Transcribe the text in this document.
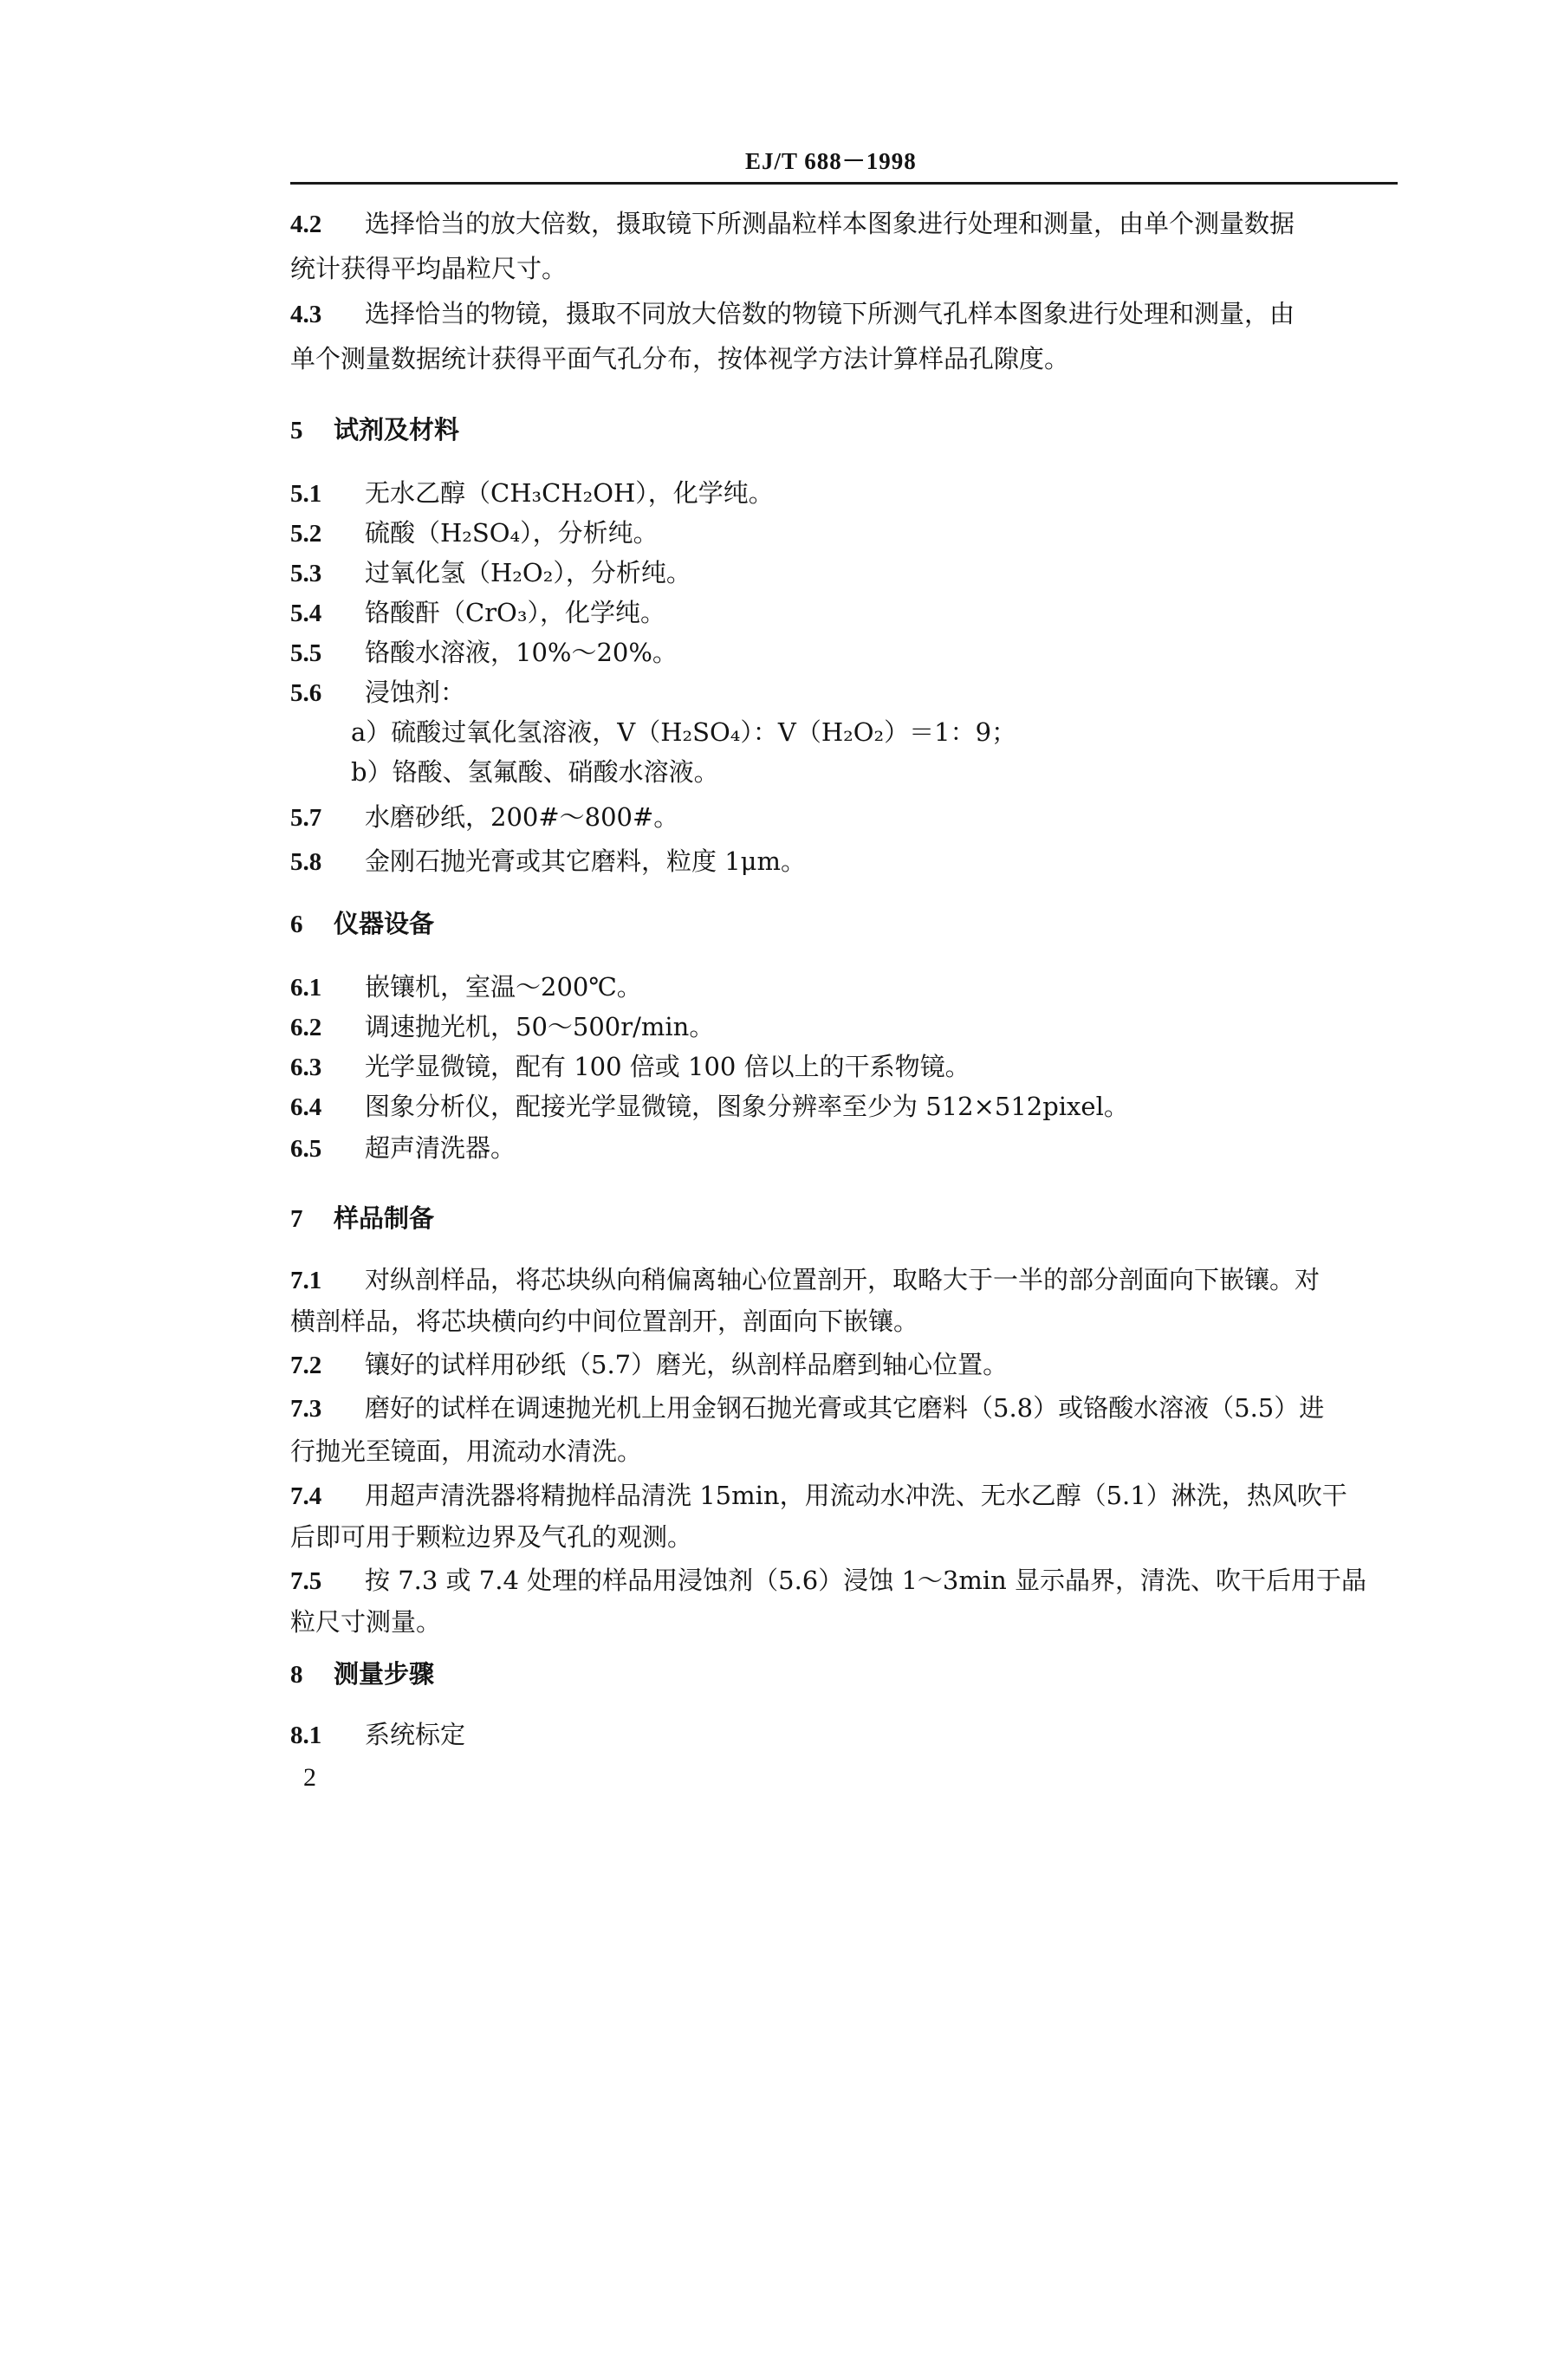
EJ/T 688－1998
4.2 选择恰当的放大倍数，摄取镜下所测晶粒样本图象进行处理和测量，由单个测量数据
统计获得平均晶粒尺寸。
4.3 选择恰当的物镜，摄取不同放大倍数的物镜下所测气孔样本图象进行处理和测量，由
单个测量数据统计获得平面气孔分布，按体视学方法计算样品孔隙度。
5 试剂及材料
5.1 无水乙醇（CH₃CH₂OH），化学纯。
5.2 硫酸（H₂SO₄），分析纯。
5.3 过氧化氢（H₂O₂），分析纯。
5.4 铬酸酐（CrO₃），化学纯。
5.5 铬酸水溶液，10%～20%。
5.6 浸蚀剂：
a）硫酸过氧化氢溶液，V（H₂SO₄）：V（H₂O₂）＝1：9；
b）铬酸、氢氟酸、硝酸水溶液。
5.7 水磨砂纸，200#～800#。
5.8 金刚石抛光膏或其它磨料，粒度 1μm。
6 仪器设备
6.1 嵌镶机，室温～200℃。
6.2 调速抛光机，50～500r/min。
6.3 光学显微镜，配有 100 倍或 100 倍以上的干系物镜。
6.4 图象分析仪，配接光学显微镜，图象分辨率至少为 512×512pixel。
6.5 超声清洗器。
7 样品制备
7.1 对纵剖样品，将芯块纵向稍偏离轴心位置剖开，取略大于一半的部分剖面向下嵌镶。对
横剖样品，将芯块横向约中间位置剖开，剖面向下嵌镶。
7.2 镶好的试样用砂纸（5.7）磨光，纵剖样品磨到轴心位置。
7.3 磨好的试样在调速抛光机上用金钢石抛光膏或其它磨料（5.8）或铬酸水溶液（5.5）进
行抛光至镜面，用流动水清洗。
7.4 用超声清洗器将精抛样品清洗 15min，用流动水冲洗、无水乙醇（5.1）淋洗，热风吹干
后即可用于颗粒边界及气孔的观测。
7.5 按 7.3 或 7.4 处理的样品用浸蚀剂（5.6）浸蚀 1～3min 显示晶界，清洗、吹干后用于晶
粒尺寸测量。
8 测量步骤
8.1 系统标定
2
